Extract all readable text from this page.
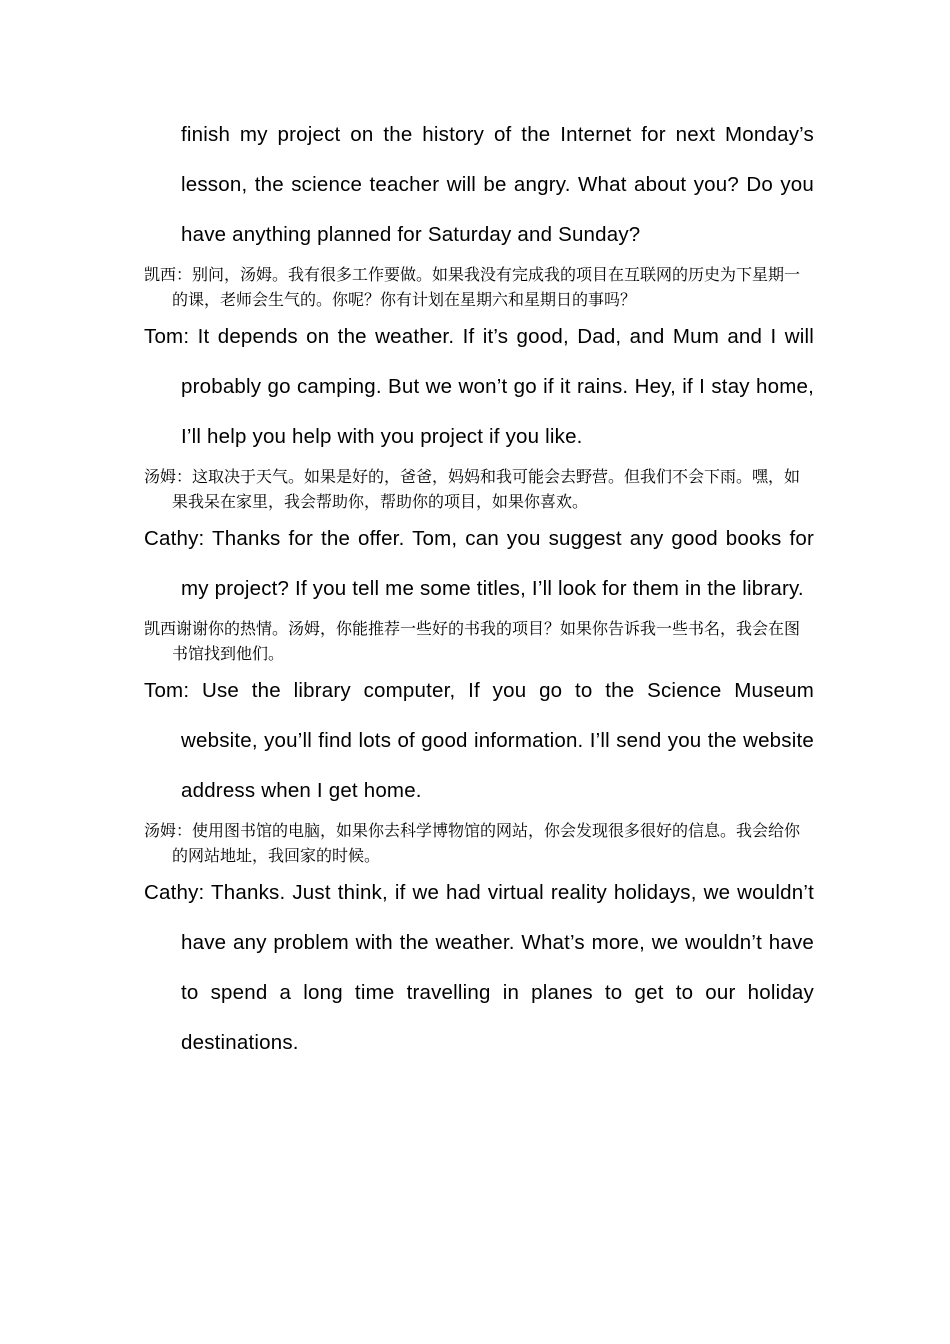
finish my project on the history of the Internet for next Monday’s lesson, the science teacher will be angry. What about you? Do you have anything planned for Saturday and Sunday?

凯西：别问，汤姆。我有很多工作要做。如果我没有完成我的项目在互联网的历史为下星期一的课，老师会生气的。你呢？你有计划在星期六和星期日的事吗？

Tom: It depends on the weather. If it’s good, Dad, and Mum and I will probably go camping. But we won’t go if it rains. Hey, if I stay home, I’ll help you help with you project if you like.

汤姆：这取决于天气。如果是好的，爸爸，妈妈和我可能会去野营。但我们不会下雨。嘿，如果我呆在家里，我会帮助你，帮助你的项目，如果你喜欢。

Cathy: Thanks for the offer. Tom, can you suggest any good books for my project? If you tell me some titles, I’ll look for them in the library.

凯西谢谢你的热情。汤姆，你能推荐一些好的书我的项目？如果你告诉我一些书名，我会在图书馆找到他们。

Tom: Use the library computer, If you go to the Science Museum website, you’ll find lots of good information. I’ll send you the website address when I get home.

汤姆：使用图书馆的电脑，如果你去科学博物馆的网站，你会发现很多很好的信息。我会给你的网站地址，我回家的时候。

Cathy: Thanks. Just think, if we had virtual reality holidays, we wouldn’t have any problem with the weather. What’s more, we wouldn’t have to spend a long time travelling in planes to get to our holiday destinations.
